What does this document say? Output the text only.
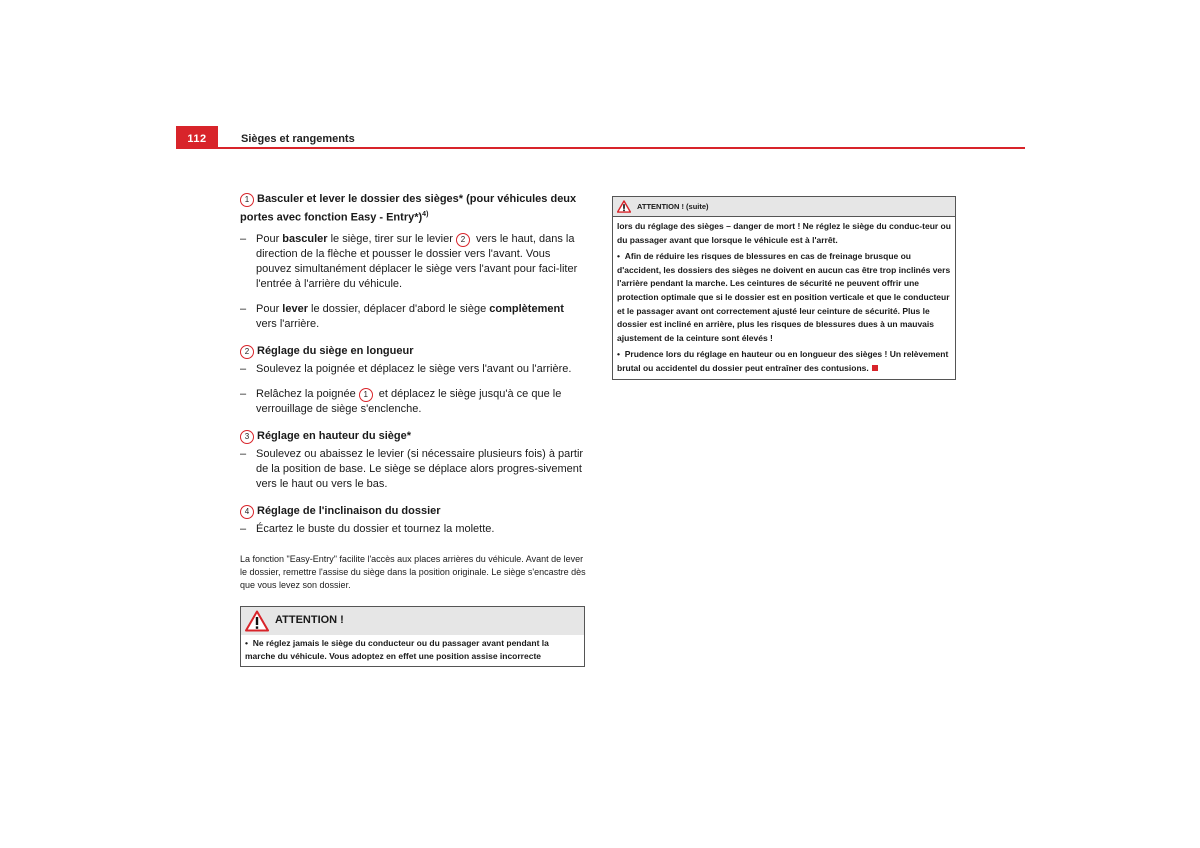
112	Sièges et rangements

1 Basculer et lever le dossier des sièges* (pour véhicules deux portes avec fonction Easy - Entry*)$^{4)}$

– Pour basculer le siège, tirer sur le levier 2 vers le haut, dans la direction de la flèche et pousser le dossier vers l'avant. Vous pouvez simultanément déplacer le siège vers l'avant pour faci-liter l'entrée à l'arrière du véhicule.

– Pour lever le dossier, déplacer d'abord le siège complètement vers l'arrière.

2 Réglage du siège en longueur

– Soulevez la poignée et déplacez le siège vers l'avant ou l'arrière.

– Relâchez la poignée 1 et déplacez le siège jusqu'à ce que le verrouillage de siège s'enclenche.

3 Réglage en hauteur du siège*

– Soulevez ou abaissez le levier (si nécessaire plusieurs fois) à partir de la position de base. Le siège se déplace alors progres-sivement vers le haut ou vers le bas.

4 Réglage de l'inclinaison du dossier

– Écartez le buste du dossier et tournez la molette.

La fonction "Easy-Entry" facilite l'accès aux places arrières du véhicule. Avant de lever le dossier, remettre l'assise du siège dans la position originale. Le siège s'encastre dès que vous levez son dossier.

ATTENTION !
• Ne réglez jamais le siège du conducteur ou du passager avant pendant la marche du véhicule. Vous adoptez en effet une position assise incorrecte
ATTENTION ! (suite)

lors du réglage des sièges – danger de mort ! Ne réglez le siège du conduc-teur ou du passager avant que lorsque le véhicule est à l'arrêt.

• Afin de réduire les risques de blessures en cas de freinage brusque ou d'accident, les dossiers des sièges ne doivent en aucun cas être trop inclinés vers l'arrière pendant la marche. Les ceintures de sécurité ne peuvent offrir une protection optimale que si le dossier est en position verticale et que le conducteur et le passager avant ont correctement ajusté leur ceinture de sécurité. Plus le dossier est incliné en arrière, plus les risques de blessures dues à un mauvais ajustement de la ceinture sont élevés !

• Prudence lors du réglage en hauteur ou en longueur des sièges ! Un relèvement brutal ou accidentel du dossier peut entraîner des contusions.
